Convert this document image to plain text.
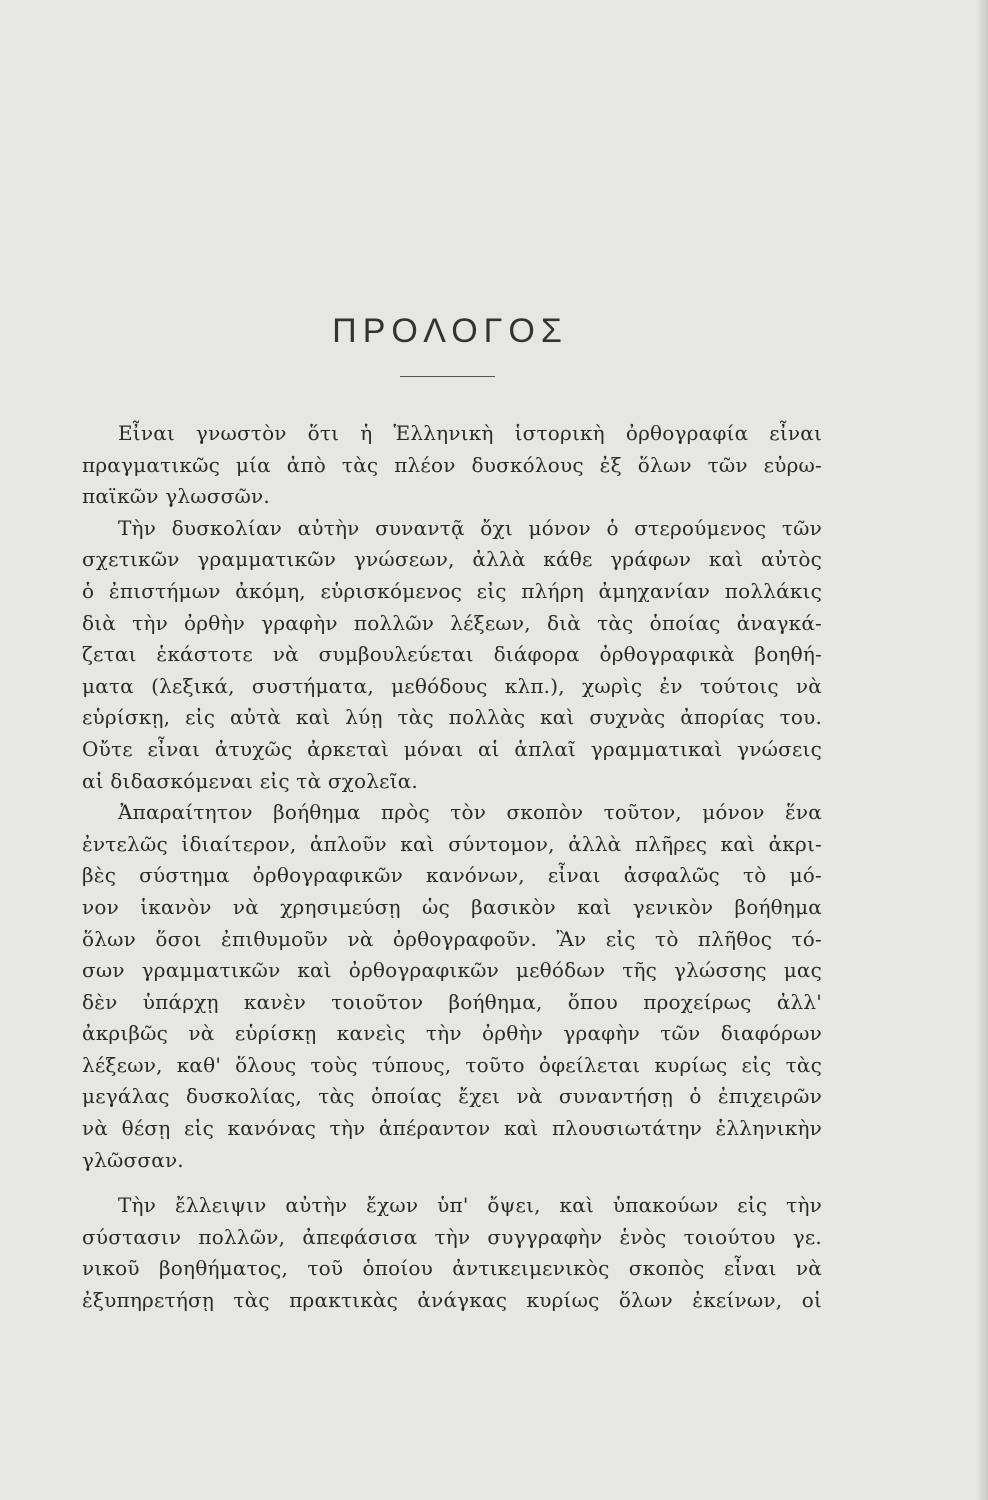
ΠΡΟΛΟΓΟΣ
Εἶναι γνωστὸν ὅτι ἡ Ἑλληνικὴ ἱστορικὴ ὀρθογραφία εἶναι
πραγματικῶς μία ἀπὸ τὰς πλέον δυσκόλους ἐξ ὅλων τῶν εὐρω-
παϊκῶν γλωσσῶν.
Τὴν δυσκολίαν αὐτὴν συναντᾷ ὄχι μόνον ὁ στερούμενος τῶν
σχετικῶν γραμματικῶν γνώσεων, ἀλλὰ κάθε γράφων καὶ αὐτὸς
ὁ ἐπιστήμων ἀκόμη, εὑρισκόμενος εἰς πλήρη ἀμηχανίαν πολλάκις
διὰ τὴν ὀρθὴν γραφὴν πολλῶν λέξεων, διὰ τὰς ὁποίας ἀναγκά-
ζεται ἑκάστοτε νὰ συμβουλεύεται διάφορα ὀρθογραφικὰ βοηθή-
ματα (λεξικά, συστήματα, μεθόδους κλπ.), χωρὶς ἐν τούτοις νὰ
εὑρίσκῃ, εἰς αὐτὰ καὶ λύῃ τὰς πολλὰς καὶ συχνὰς ἀπορίας του.
Οὔτε εἶναι ἀτυχῶς ἀρκεταὶ μόναι αἱ ἁπλαῖ γραμματικαὶ γνώσεις
αἱ διδασκόμεναι εἰς τὰ σχολεῖα.
Ἀπαραίτητον βοήθημα πρὸς τὸν σκοπὸν τοῦτον, μόνον ἕνα
ἐντελῶς ἰδιαίτερον, ἁπλοῦν καὶ σύντομον, ἀλλὰ πλῆρες καὶ ἀκρι-
βὲς σύστημα ὀρθογραφικῶν κανόνων, εἶναι ἀσφαλῶς τὸ μό-
νον ἱκανὸν νὰ χρησιμεύσῃ ὡς βασικὸν καὶ γενικὸν βοήθημα
ὅλων ὅσοι ἐπιθυμοῦν νὰ ὀρθογραφοῦν. Ἂν εἰς τὸ πλῆθος τό-
σων γραμματικῶν καὶ ὀρθογραφικῶν μεθόδων τῆς γλώσσης μας
δὲν ὑπάρχῃ κανὲν τοιοῦτον βοήθημα, ὅπου προχείρως ἀλλ'
ἀκριβῶς νὰ εὑρίσκῃ κανεὶς τὴν ὀρθὴν γραφὴν τῶν διαφόρων
λέξεων, καθ' ὅλους τοὺς τύπους, τοῦτο ὀφείλεται κυρίως εἰς τὰς
μεγάλας δυσκολίας, τὰς ὁποίας ἔχει νὰ συναντήσῃ ὁ ἐπιχειρῶν
νὰ θέσῃ εἰς κανόνας τὴν ἀπέραντον καὶ πλουσιωτάτην ἑλληνικὴν
γλῶσσαν.
Τὴν ἔλλειψιν αὐτὴν ἔχων ὑπ' ὄψει, καὶ ὑπακούων εἰς τὴν
σύστασιν πολλῶν, ἀπεφάσισα τὴν συγγραφὴν ἑνὸς τοιούτου γε.
νικοῦ βοηθήματος, τοῦ ὁποίου ἀντικειμενικὸς σκοπὸς εἶναι νὰ
ἐξυπηρετήσῃ τὰς πρακτικὰς ἀνάγκας κυρίως ὅλων ἐκείνων, οἱ
